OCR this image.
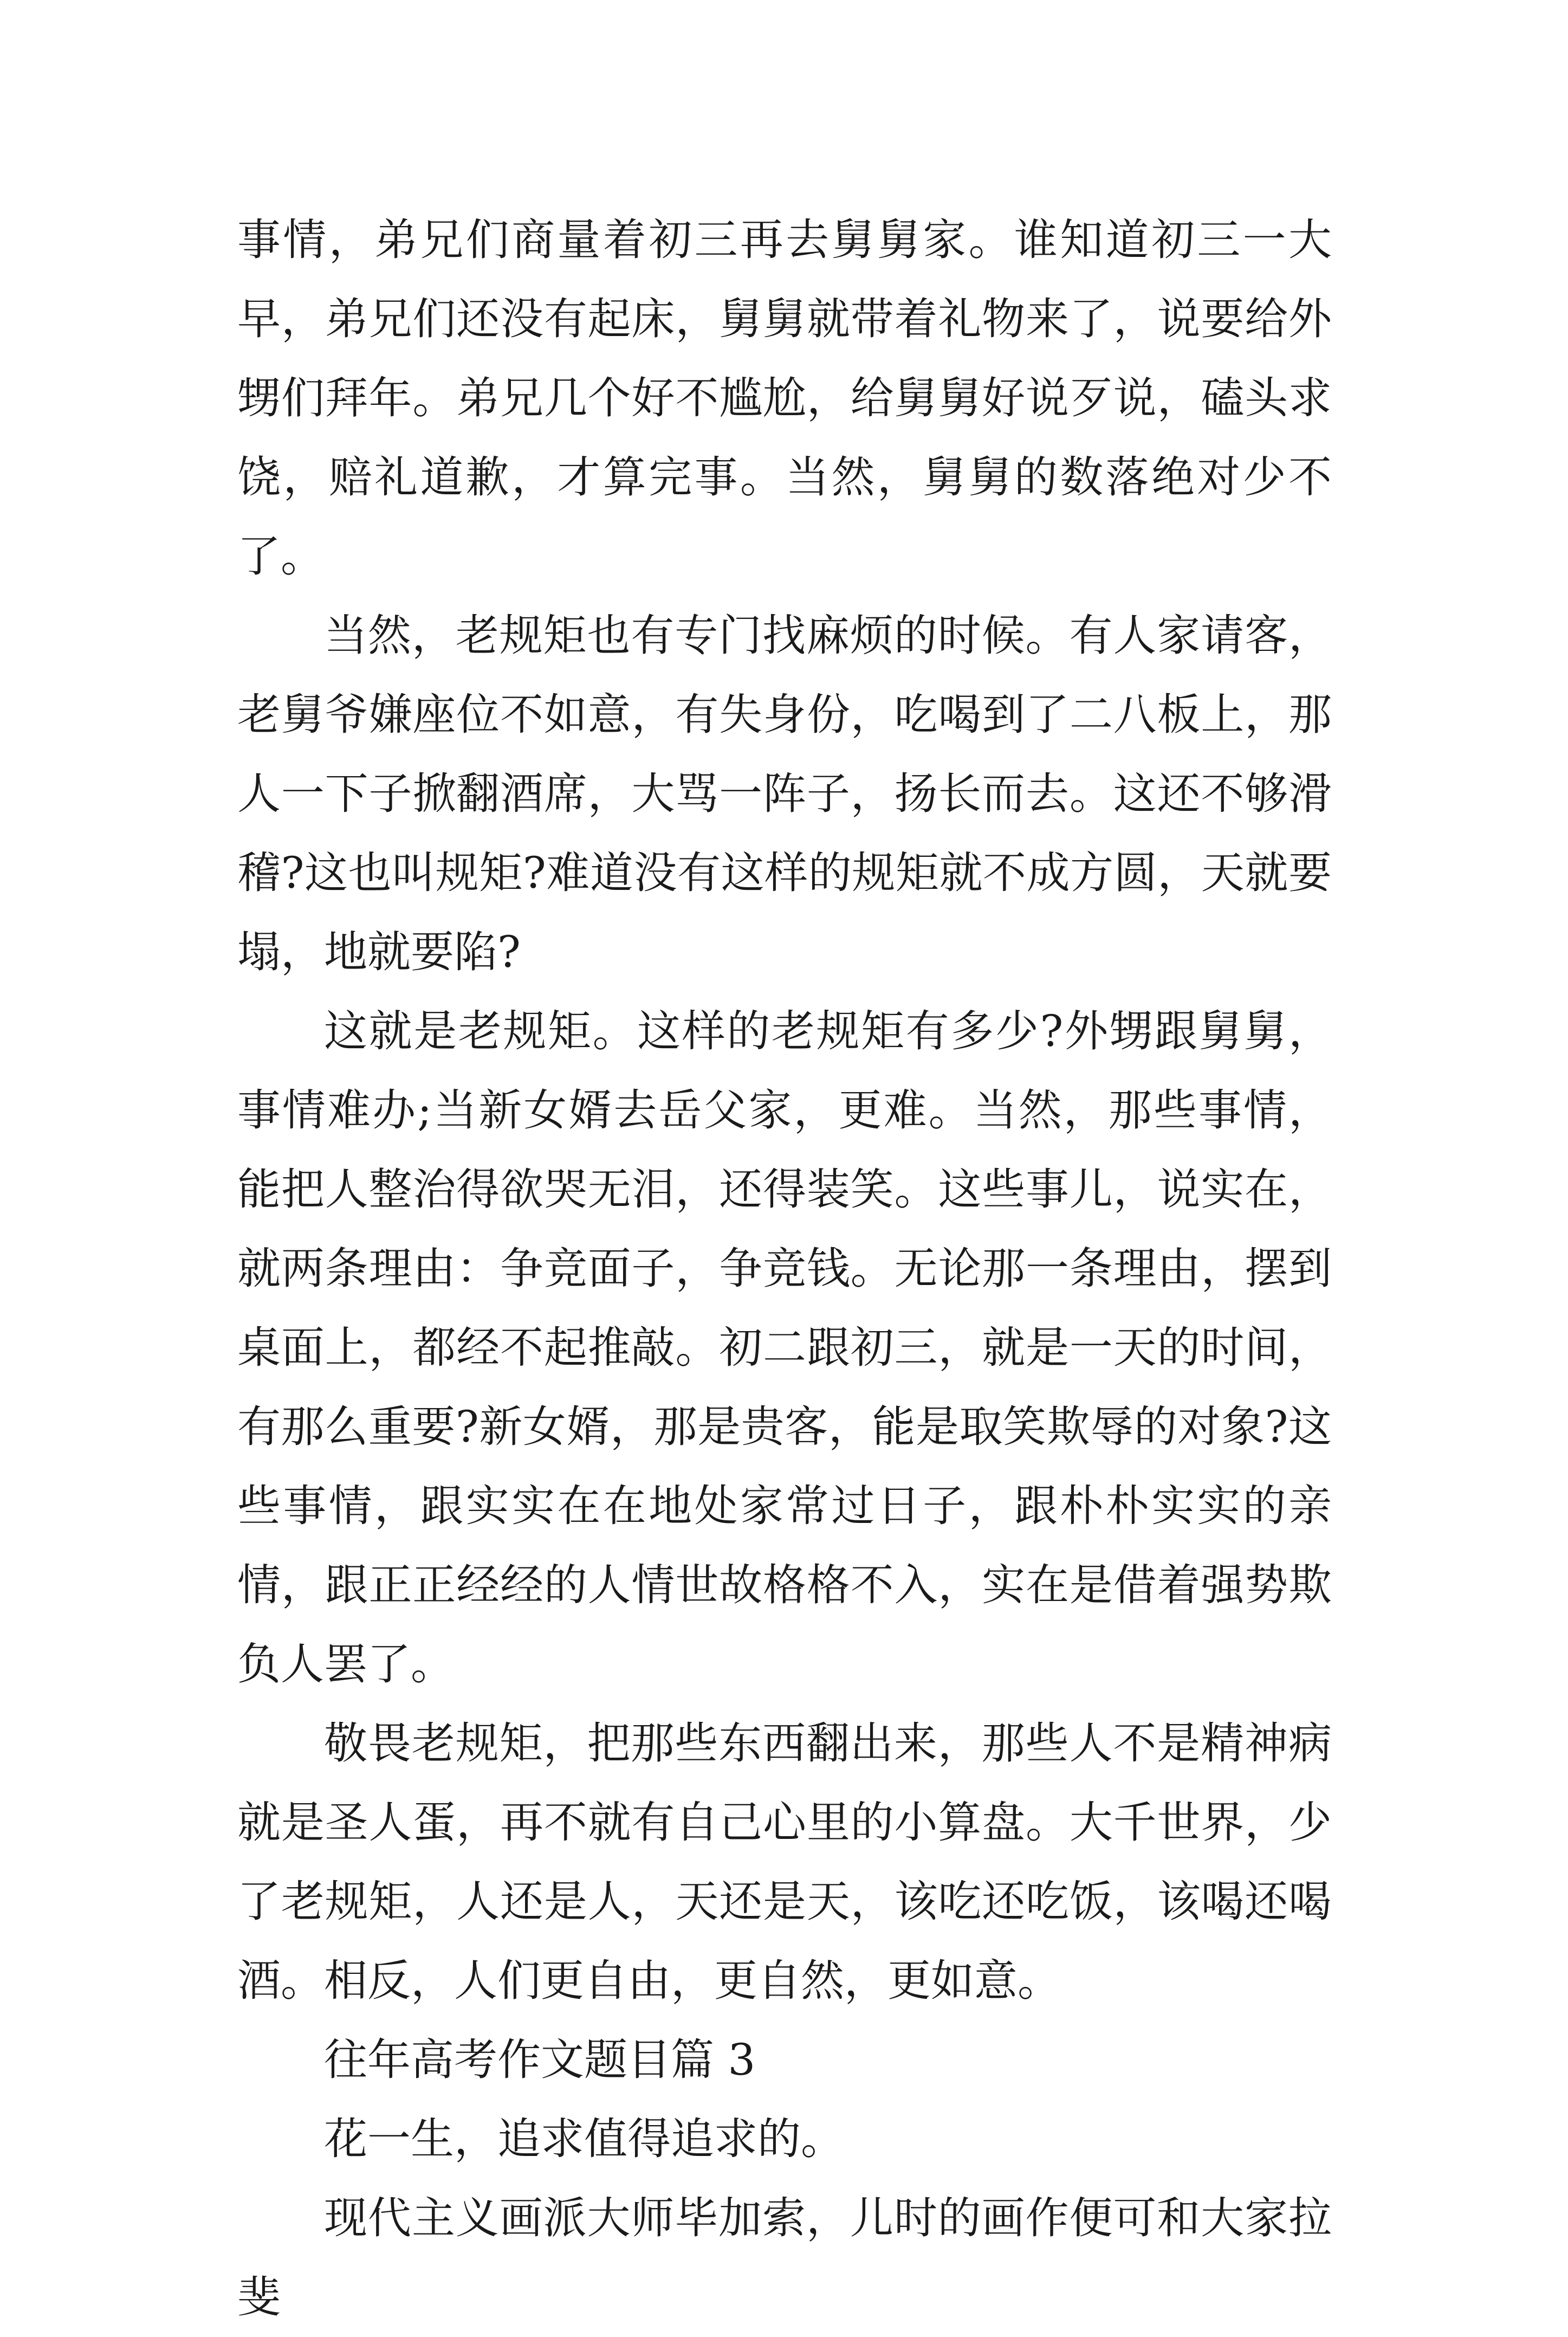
事情，弟兄们商量着初三再去舅舅家。谁知道初三一大早，弟兄们还没有起床，舅舅就带着礼物来了，说要给外甥们拜年。弟兄几个好不尴尬，给舅舅好说歹说，磕头求饶，赔礼道歉，才算完事。当然，舅舅的数落绝对少不了。

当然，老规矩也有专门找麻烦的时候。有人家请客，老舅爷嫌座位不如意，有失身份，吃喝到了二八板上，那人一下子掀翻酒席，大骂一阵子，扬长而去。这还不够滑稽?这也叫规矩?难道没有这样的规矩就不成方圆，天就要塌，地就要陷?

这就是老规矩。这样的老规矩有多少?外甥跟舅舅，事情难办;当新女婿去岳父家，更难。当然，那些事情，能把人整治得欲哭无泪，还得装笑。这些事儿，说实在，就两条理由：争竞面子，争竞钱。无论那一条理由，摆到桌面上，都经不起推敲。初二跟初三，就是一天的时间，有那么重要?新女婿，那是贵客，能是取笑欺辱的对象?这些事情，跟实实在在地处家常过日子，跟朴朴实实的亲情，跟正正经经的人情世故格格不入，实在是借着强势欺负人罢了。

敬畏老规矩，把那些东西翻出来，那些人不是精神病就是圣人蛋，再不就有自己心里的小算盘。大千世界，少了老规矩，人还是人，天还是天，该吃还吃饭，该喝还喝酒。相反，人们更自由，更自然，更如意。

往年高考作文题目篇 3

花一生，追求值得追求的。

现代主义画派大师毕加索，儿时的画作便可和大家拉斐
